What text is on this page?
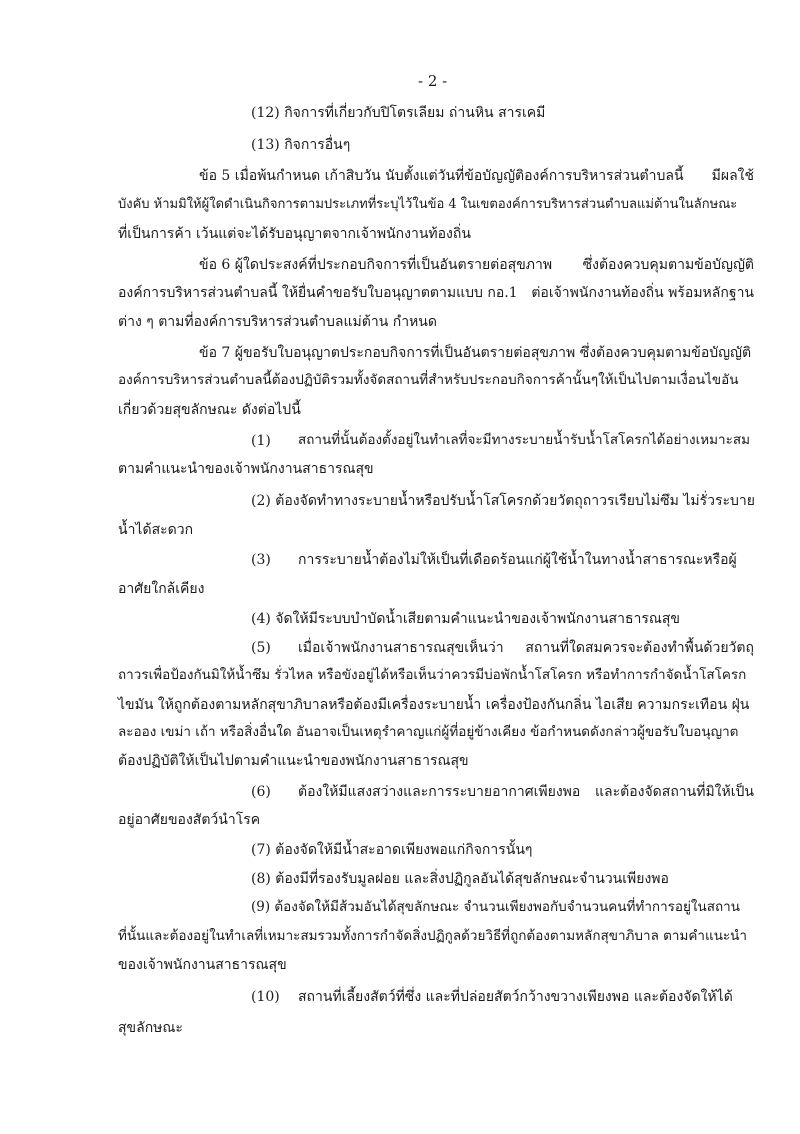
- 2 -
(12) กิจการที่เกี่ยวกับปิโตรเลียม ถ่านหิน สารเคมี
(13) กิจการอื่นๆ
ข้อ 5 เมื่อพ้นกำหนด เก้าสิบวัน นับตั้งแต่วันที่ข้อบัญญัติองค์การบริหารส่วนตำบลนี้ มีผลใช้
บังคับ ห้ามมิให้ผู้ใดดำเนินกิจการตามประเภทที่ระบุไว้ในข้อ 4 ในเขตองค์การบริหารส่วนตำบลแม่ต้านในลักษณะ
ที่เป็นการค้า เว้นแต่จะได้รับอนุญาตจากเจ้าพนักงานท้องถิ่น
ข้อ 6 ผู้ใดประสงค์ที่ประกอบกิจการที่เป็นอันตรายต่อสุขภาพ ซึ่งต้องควบคุมตามข้อบัญญัติ
องค์การบริหารส่วนตำบลนี้ ให้ยื่นคำขอรับใบอนุญาตตามแบบ กอ.1 ต่อเจ้าพนักงานท้องถิ่น พร้อมหลักฐาน
ต่าง ๆ ตามที่องค์การบริหารส่วนตำบลแม่ต้าน กำหนด
ข้อ 7 ผู้ขอรับใบอนุญาตประกอบกิจการที่เป็นอันตรายต่อสุขภาพ ซึ่งต้องควบคุมตามข้อบัญญัติ
องค์การบริหารส่วนตำบลนี้ต้องปฏิบัติรวมทั้งจัดสถานที่สำหรับประกอบกิจการค้านั้นๆให้เป็นไปตามเงื่อนไขอัน
เกี่ยวด้วยสุขลักษณะ ดังต่อไปนี้
(1) สถานที่นั้นต้องตั้งอยู่ในทำเลที่จะมีทางระบายน้ำรับน้ำโสโครกได้อย่างเหมาะสม
ตามคำแนะนำของเจ้าพนักงานสาธารณสุข
(2) ต้องจัดทำทางระบายน้ำหรือปรับน้ำโสโครกด้วยวัตถุถาวร เรียบไม่ซึม ไม่รั่วระบาย
น้ำได้สะดวก
(3) การระบายน้ำต้องไม่ให้เป็นที่เดือดร้อนแก่ผู้ใช้น้ำในทางน้ำสาธารณะหรือผู้
อาศัยใกล้เคียง
(4) จัดให้มีระบบบำบัดน้ำเสียตามคำแนะนำของเจ้าพนักงานสาธารณสุข
(5) เมื่อเจ้าพนักงานสาธารณสุขเห็นว่า สถานที่ใดสมควรจะต้องทำพื้นด้วยวัตถุ
ถาวรเพื่อป้องกันมิให้น้ำซึม รั่วไหล หรือขังอยู่ได้หรือเห็นว่าควรมีบ่อพักน้ำโสโครก หรือทำการกำจัดน้ำโสโครก
ไขมัน ให้ถูกต้องตามหลักสุขาภิบาลหรือต้องมีเครื่องระบายน้ำ เครื่องป้องกันกลิ่น ไอเสีย ความกระเทือน ฝุ่น
ละออง เขม่า เถ้า หรือสิ่งอื่นใด อันอาจเป็นเหตุรำคาญแก่ผู้ที่อยู่ข้างเคียง ข้อกำหนดดังกล่าวผู้ขอรับใบอนุญาต
ต้องปฏิบัติให้เป็นไปตามคำแนะนำของพนักงานสาธารณสุข
(6) ต้องให้มีแสงสว่างและการระบายอากาศเพียงพอ และต้องจัดสถานที่มิให้เป็น
อยู่อาศัยของสัตว์นำโรค
(7) ต้องจัดให้มีน้ำสะอาดเพียงพอแก่กิจการนั้นๆ
(8) ต้องมีที่รองรับมูลฝอย และสิ่งปฏิกูลอันได้สุขลักษณะจำนวนเพียงพอ
(9) ต้องจัดให้มีส้วมอันได้สุขลักษณะ จำนวนเพียงพอกับจำนวนคนที่ทำการอยู่ในสถาน
ที่นั้นและต้องอยู่ในทำเลที่เหมาะสมรวมทั้งการกำจัดสิ่งปฏิกูลด้วยวิธีที่ถูกต้องตามหลักสุขาภิบาล ตามคำแนะนำ
ของเจ้าพนักงานสาธารณสุข
(10) สถานที่เลี้ยงสัตว์ที่ซึ่ง และที่ปล่อยสัตว์กว้างขวางเพียงพอ และต้องจัดให้ได้
สุขลักษณะ
